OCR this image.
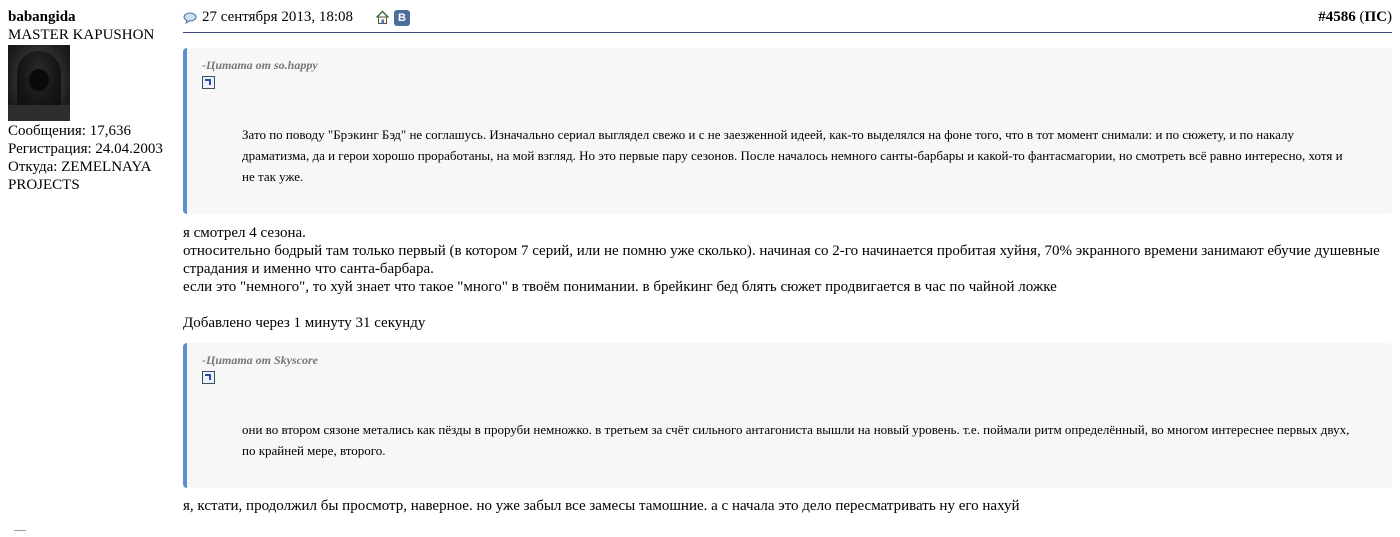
babangida
MASTER KAPUSHON
Сообщения: 17,636
Регистрация: 24.04.2003
Откуда: ZEMELNAYA PROJECTS
27 сентября 2013, 18:08	В	#4586 (ПС)
-Цитата от so.happy
Зато по поводу "Брэкинг Бэд" не соглашусь. Изначально сериал выглядел свежо и с не заезженной идеей, как-то выделялся на фоне того, что в тот момент снимали: и по сюжету, и по накалу драматизма, да и герои хорошо проработаны, на мой взгляд. Но это первые пару сезонов. После началось немного санты-барбары и какой-то фантасмагории, но смотреть всё равно интересно, хотя и не так уже.
я смотрел 4 сезона.
относительно бодрый там только первый (в котором 7 серий, или не помню уже сколько). начиная со 2-го начинается пробитая хуйня, 70% экранного времени занимают ебучие душевные страдания и именно что санта-барбара.
если это "немного", то хуй знает что такое "много" в твоём понимании. в брейкинг бед блять сюжет продвигается в час по чайной ложке
Добавлено через 1 минуту 31 секунду
-Цитата от Skyscore
они во втором сязоне метались как пёзды в проруби немножко. в третьем за счёт сильного антагониста вышли на новый уровень. т.е. поймали ритм определённый, во многом интереснее первых двух, по крайней мере, второго.
я, кстати, продолжил бы просмотр, наверное. но уже забыл все замесы тамошние. а с начала это дело пересматривать ну его нахуй
